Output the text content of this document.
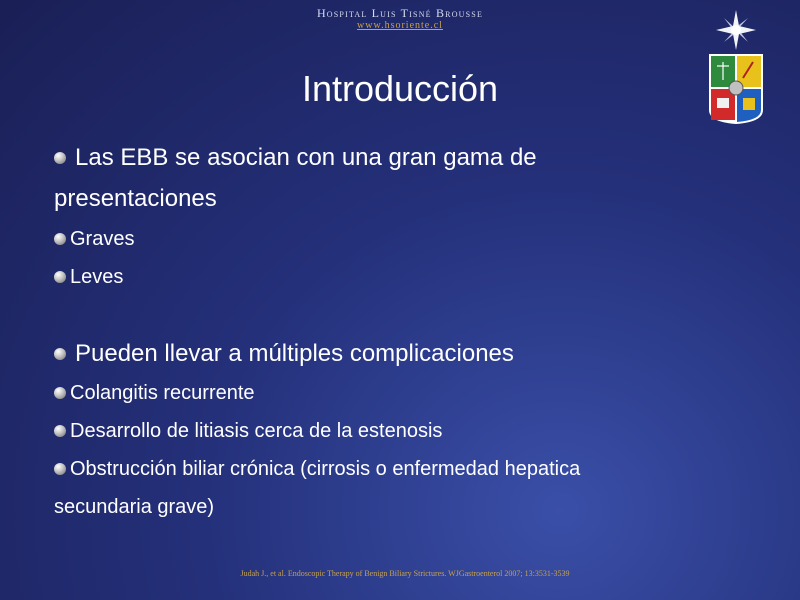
Hospital Luis Tisné Brousse
www.hsoriente.cl
Introducción
Las EBB se asocian con una gran gama de
presentaciones
Graves
Leves
Pueden llevar a múltiples complicaciones
Colangitis recurrente
Desarrollo de litiasis cerca de la estenosis
Obstrucción biliar crónica (cirrosis o enfermedad hepatica
secundaria grave)
Judah J., et al. Endoscopic Therapy of Benign Biliary Strictures. WJGastroenterol 2007; 13:3531-3539
